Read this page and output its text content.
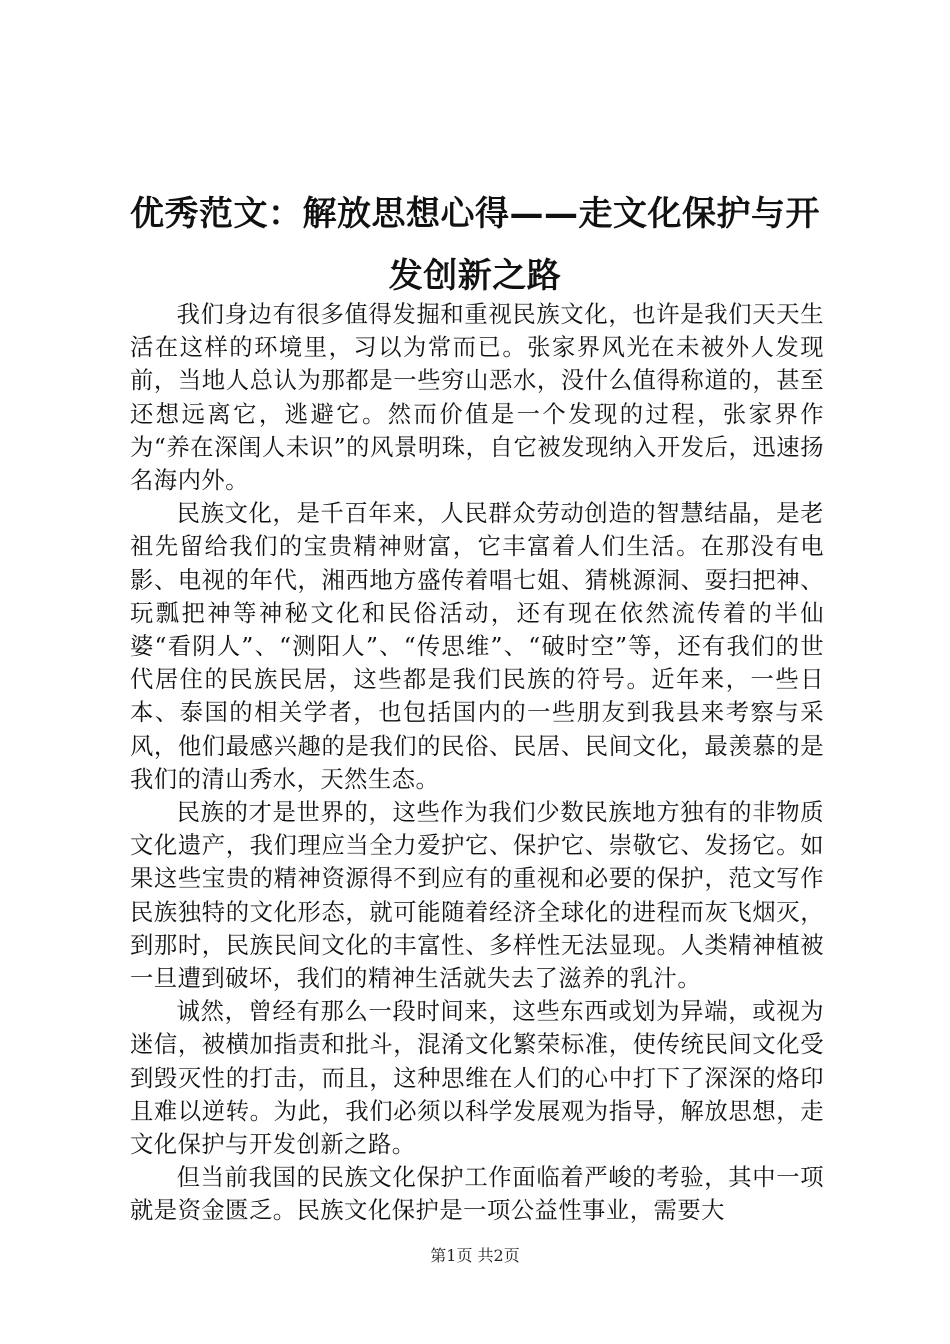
优秀范文：解放思想心得——走文化保护与开
发创新之路

我们身边有很多值得发掘和重视民族文化，也许是我们天天生活在这样的环境里，习以为常而已。张家界风光在未被外人发现前，当地人总认为那都是一些穷山恶水，没什么值得称道的，甚至还想远离它，逃避它。然而价值是一个发现的过程，张家界作为“养在深闺人未识”的风景明珠，自它被发现纳入开发后，迅速扬名海内外。

民族文化，是千百年来，人民群众劳动创造的智慧结晶，是老祖先留给我们的宝贵精神财富，它丰富着人们生活。在那没有电影、电视的年代，湘西地方盛传着唱七姐、猜桃源洞、耍扫把神、玩瓢把神等神秘文化和民俗活动，还有现在依然流传着的半仙婆“看阴人”、“测阳人”、“传思维”、“破时空”等，还有我们的世代居住的民族民居，这些都是我们民族的符号。近年来，一些日本、泰国的相关学者，也包括国内的一些朋友到我县来考察与采风，他们最感兴趣的是我们的民俗、民居、民间文化，最羡慕的是我们的清山秀水，天然生态。

民族的才是世界的，这些作为我们少数民族地方独有的非物质文化遗产，我们理应当全力爱护它、保护它、崇敬它、发扬它。如果这些宝贵的精神资源得不到应有的重视和必要的保护，范文写作民族独特的文化形态，就可能随着经济全球化的进程而灰飞烟灭，到那时，民族民间文化的丰富性、多样性无法显现。人类精神植被一旦遭到破坏，我们的精神生活就失去了滋养的乳汁。

诚然，曾经有那么一段时间来，这些东西或划为异端，或视为迷信，被横加指责和批斗，混淆文化繁荣标准，使传统民间文化受到毁灭性的打击，而且，这种思维在人们的心中打下了深深的烙印且难以逆转。为此，我们必须以科学发展观为指导，解放思想，走文化保护与开发创新之路。

但当前我国的民族文化保护工作面临着严峻的考验，其中一项就是资金匮乏。民族文化保护是一项公益性事业，需要大

第1页 共2页
